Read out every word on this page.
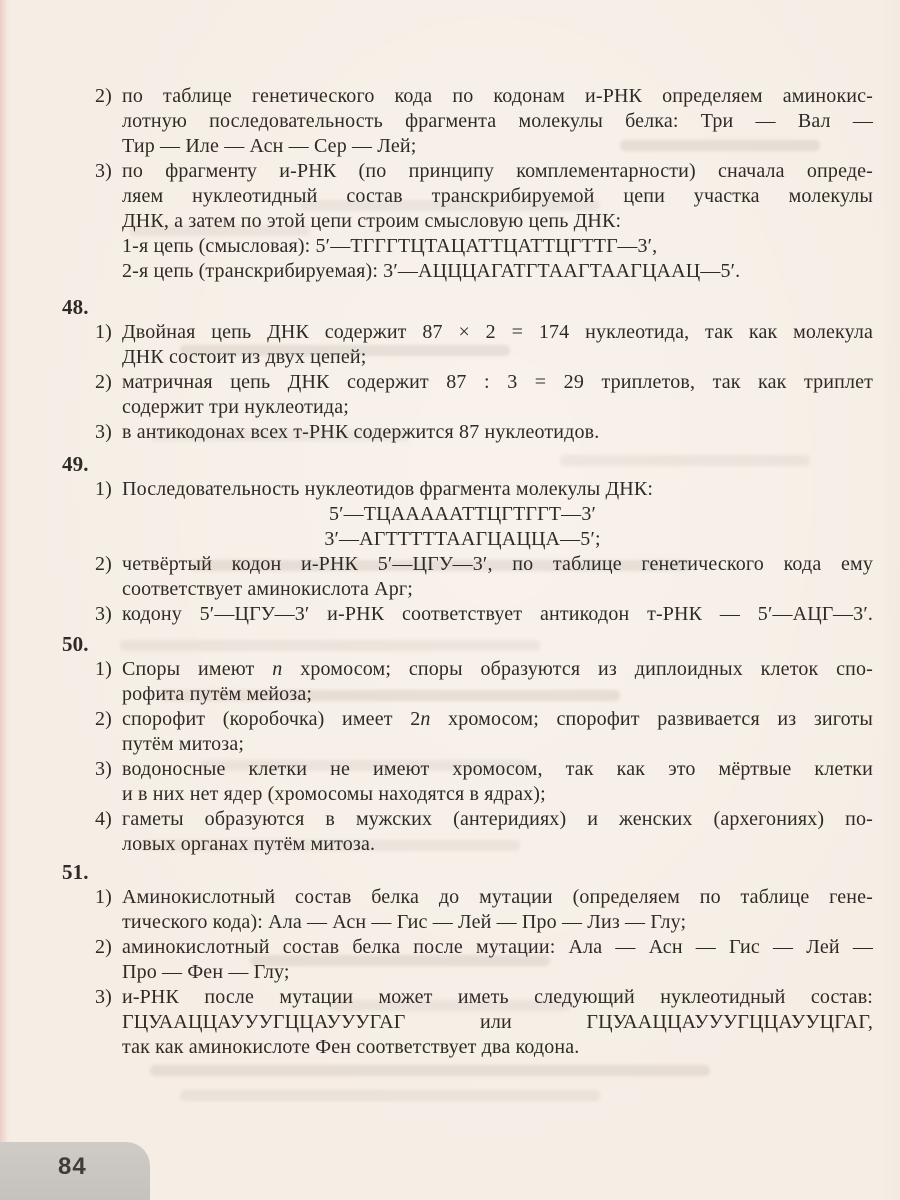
2) по таблице генетического кода по кодонам и-РНК определяем аминокис-
лотную последовательность фрагмента молекулы белка: Три — Вал —
Тир — Иле — Асн — Сер — Лей;
3) по фрагменту и-РНК (по принципу комплементарности) сначала опреде-
ляем нуклеотидный состав транскрибируемой цепи участка молекулы
ДНК, а затем по этой цепи строим смысловую цепь ДНК:
1-я цепь (смысловая): 5′—ТГГГТЦТАЦАТТЦАТТЦГТТГ—3′,
2-я цепь (транскрибируемая): 3′—АЦЦЦАГАТГТААГТААГЦААЦ—5′.
48.
1) Двойная цепь ДНК содержит 87 × 2 = 174 нуклеотида, так как молекула
ДНК состоит из двух цепей;
2) матричная цепь ДНК содержит 87 : 3 = 29 триплетов, так как триплет
содержит три нуклеотида;
3) в антикодонах всех т-РНК содержится 87 нуклеотидов.
49.
1) Последовательность нуклеотидов фрагмента молекулы ДНК:
5′—ТЦАААААТТЦГТГГТ—3′
3′—АГТТТТТААГЦАЦЦА—5′;
2) четвёртый кодон и-РНК 5′—ЦГУ—3′, по таблице генетического кода ему
соответствует аминокислота Арг;
3) кодону 5′—ЦГУ—3′ и-РНК соответствует антикодон т-РНК — 5′—АЦГ—3′.
50.
1) Споры имеют n хромосом; споры образуются из диплоидных клеток спо-
рофита путём мейоза;
2) спорофит (коробочка) имеет 2n хромосом; спорофит развивается из зиготы
путём митоза;
3) водоносные клетки не имеют хромосом, так как это мёртвые клетки
и в них нет ядер (хромосомы находятся в ядрах);
4) гаметы образуются в мужских (антеридиях) и женских (архегониях) по-
ловых органах путём митоза.
51.
1) Аминокислотный состав белка до мутации (определяем по таблице гене-
тического кода): Ала — Асн — Гис — Лей — Про — Лиз — Глу;
2) аминокислотный состав белка после мутации: Ала — Асн — Гис — Лей —
Про — Фен — Глу;
3) и-РНК после мутации может иметь следующий нуклеотидный состав:
ГЦУААЦЦАУУУГЦЦАУУУГАГ или ГЦУААЦЦАУУУГЦЦАУУЦГАГ,
так как аминокислоте Фен соответствует два кодона.
84
